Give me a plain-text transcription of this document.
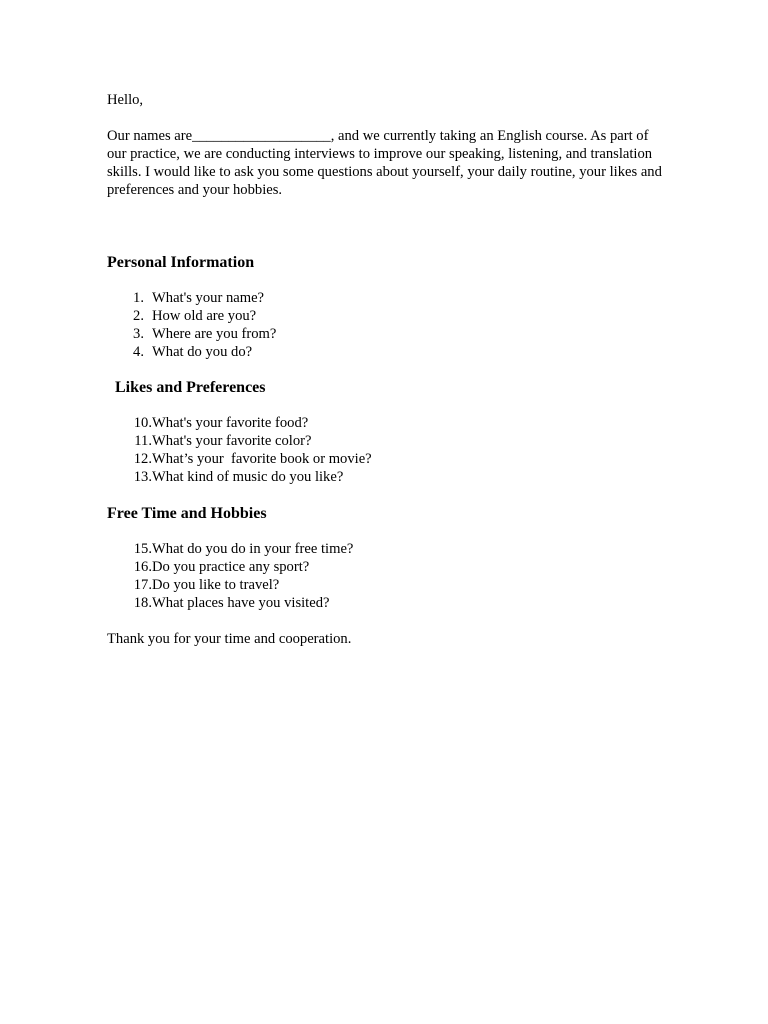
Hello,

Our names are___________________, and we currently taking an English course. As part of our practice, we are conducting interviews to improve our speaking, listening, and translation skills. I would like to ask you some questions about yourself, your daily routine, your likes and preferences and your hobbies.

Personal Information
1. What's your name?
2. How old are you?
3. Where are you from?
4. What do you do?
Likes and Preferences
10. What's your favorite food?
11. What's your favorite color?
12. What’s your  favorite book or movie?
13. What kind of music do you like?
Free Time and Hobbies
15. What do you do in your free time?
16. Do you practice any sport?
17. Do you like to travel?
18. What places have you visited?

Thank you for your time and cooperation.
